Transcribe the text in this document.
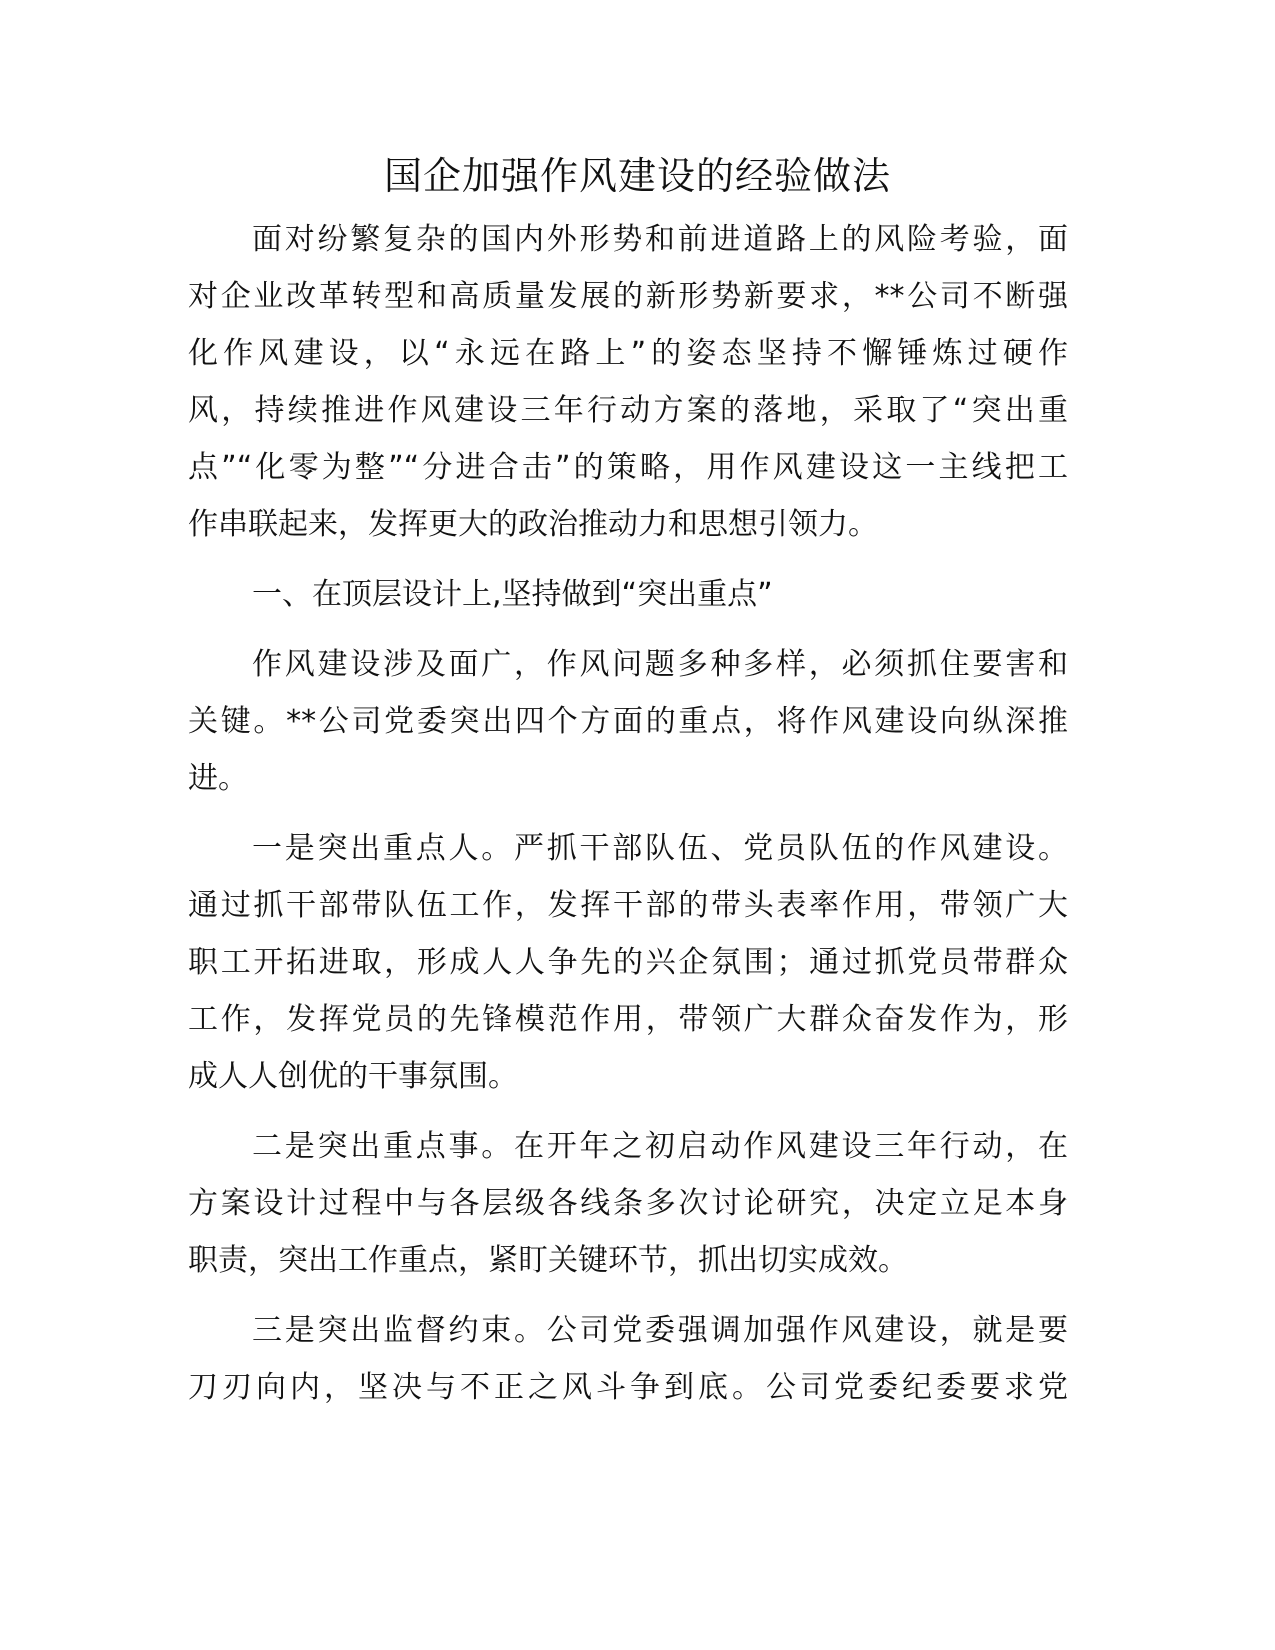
国企加强作风建设的经验做法

面对纷繁复杂的国内外形势和前进道路上的风险考验，面

对企业改革转型和高质量发展的新形势新要求，**公司不断强

化作风建设，以“永远在路上”的姿态坚持不懈锤炼过硬作

风，持续推进作风建设三年行动方案的落地，采取了“突出重

点”“化零为整”“分进合击”的策略，用作风建设这一主线把工

作串联起来，发挥更大的政治推动力和思想引领力。

一、在顶层设计上,坚持做到“突出重点”

作风建设涉及面广，作风问题多种多样，必须抓住要害和

关键。**公司党委突出四个方面的重点，将作风建设向纵深推

进。

一是突出重点人。严抓干部队伍、党员队伍的作风建设。

通过抓干部带队伍工作，发挥干部的带头表率作用，带领广大

职工开拓进取，形成人人争先的兴企氛围；通过抓党员带群众

工作，发挥党员的先锋模范作用，带领广大群众奋发作为，形

成人人创优的干事氛围。

二是突出重点事。在开年之初启动作风建设三年行动，在

方案设计过程中与各层级各线条多次讨论研究，决定立足本身

职责，突出工作重点，紧盯关键环节，抓出切实成效。

三是突出监督约束。公司党委强调加强作风建设，就是要

刀刃向内，坚决与不正之风斗争到底。公司党委纪委要求党
